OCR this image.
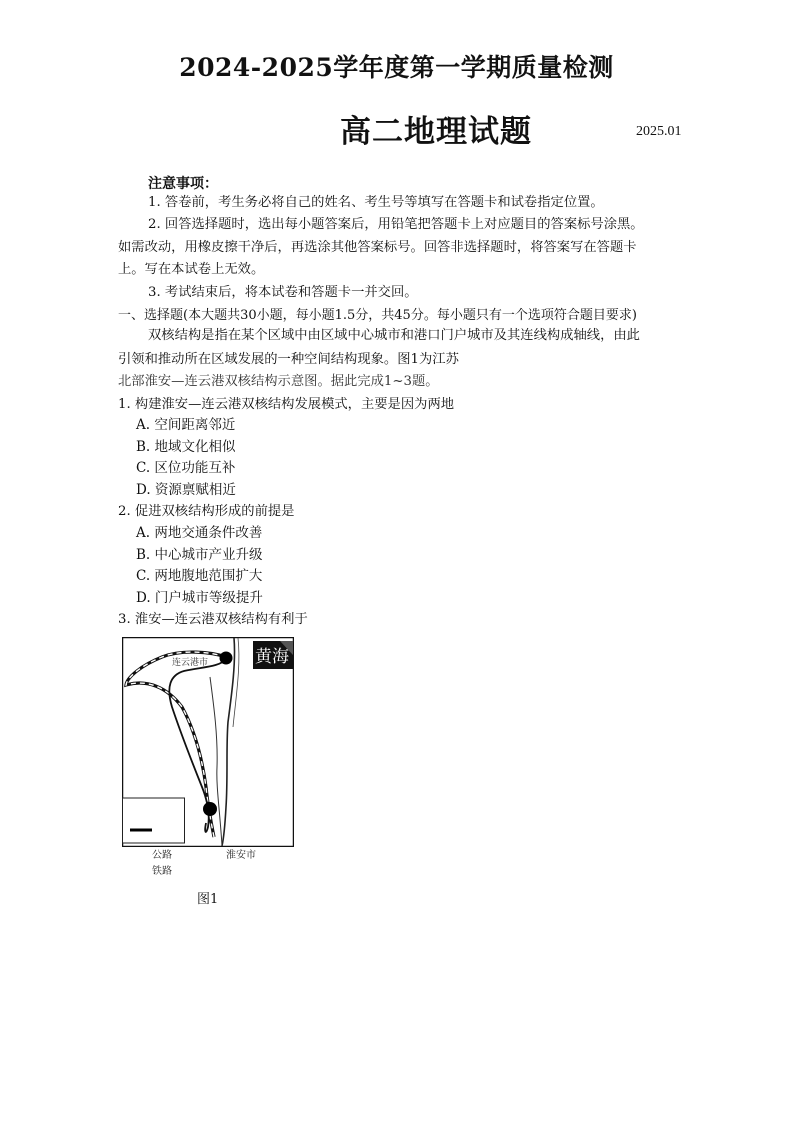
2024-2025学年度第一学期质量检测
高二地理试题	2025.01
注意事项：
1. 答卷前，考生务必将自己的姓名、考生号等填写在答题卡和试卷指定位置。
2. 回答选择题时，选出每小题答案后，用铅笔把答题卡上对应题目的答案标号涂黑。
如需改动，用橡皮擦干净后，再选涂其他答案标号。回答非选择题时，将答案写在答题卡
上。写在本试卷上无效。
3. 考试结束后，将本试卷和答题卡一并交回。
一、选择题(本大题共30小题，每小题1.5分，共45分。每小题只有一个选项符合题目要求)
双核结构是指在某个区域中由区域中心城市和港口门户城市及其连线构成轴线，由此
引领和推动所在区域发展的一种空间结构现象。图1为江苏
北部淮安—连云港双核结构示意图。据此完成1~3题。
1. 构建淮安—连云港双核结构发展模式，主要是因为两地
A. 空间距离邻近
B. 地域文化相似
C. 区位功能互补
D. 资源禀赋相近
2. 促进双核结构形成的前提是
A. 两地交通条件改善
B. 中心城市产业升级
C. 两地腹地范围扩大
D. 门户城市等级提升
3. 淮安—连云港双核结构有利于
黄海
连云港市
公路
铁路
淮安市
图1
